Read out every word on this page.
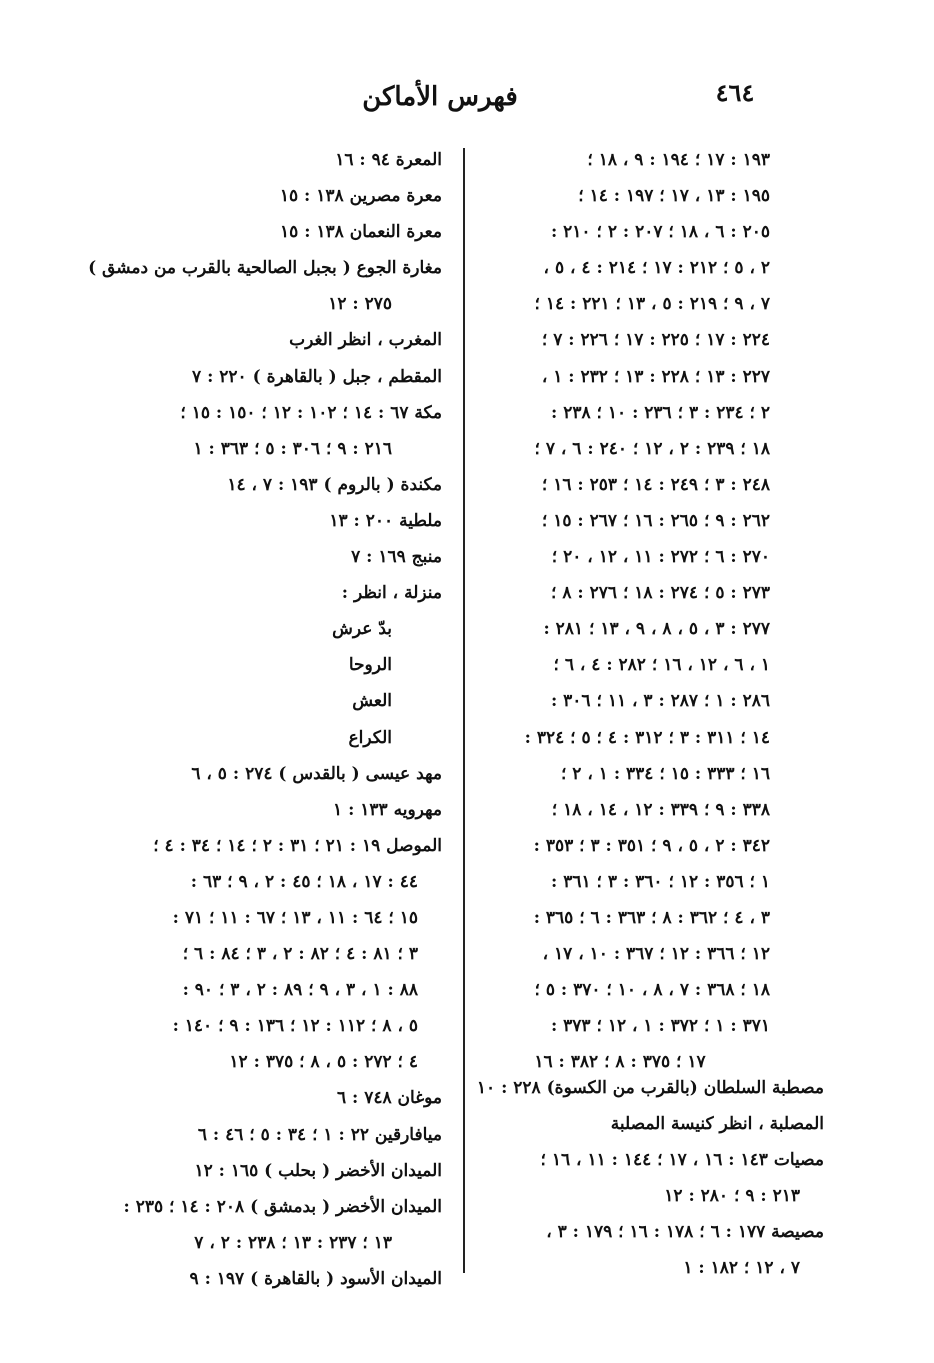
٤٦٤
فهرس الأماكن
١٩٣ : ١٧ ؛ ١٩٤ : ٩ ، ١٨ ؛
١٩٥ : ١٣ ، ١٧ ؛ ١٩٧ : ١٤ ؛
٢٠٥ : ٦ ، ١٨ ؛ ٢٠٧ : ٢ ؛ ٢١٠ :
٢ ، ٥ ؛ ٢١٢ : ١٧ ؛ ٢١٤ : ٤ ، ٥ ،
٧ ، ٩ ؛ ٢١٩ : ٥ ، ١٣ ؛ ٢٢١ : ١٤ ؛
٢٢٤ : ١٧ ؛ ٢٢٥ : ١٧ ؛ ٢٢٦ : ٧ ؛
٢٢٧ : ١٣ ؛ ٢٢٨ : ١٣ ؛ ٢٣٢ : ١ ،
٢ ؛ ٢٣٤ : ٣ ؛ ٢٣٦ : ١٠ ؛ ٢٣٨ :
١٨ ؛ ٢٣٩ : ٢ ، ١٢ ؛ ٢٤٠ : ٦ ، ٧ ؛
٢٤٨ : ٣ ؛ ٢٤٩ : ١٤ ؛ ٢٥٣ : ١٦ ؛
٢٦٢ : ٩ ؛ ٢٦٥ : ١٦ ؛ ٢٦٧ : ١٥ ؛
٢٧٠ : ٦ ؛ ٢٧٢ : ١١ ، ١٢ ، ٢٠ ؛
٢٧٣ : ٥ ؛ ٢٧٤ : ١٨ ؛ ٢٧٦ : ٨ ؛
٢٧٧ : ٣ ، ٥ ، ٨ ، ٩ ، ١٣ ؛ ٢٨١ :
١ ، ٦ ، ١٢ ، ١٦ ؛ ٢٨٢ : ٤ ، ٦ ؛
٢٨٦ : ١ ؛ ٢٨٧ : ٣ ، ١١ ؛ ٣٠٦ :
١٤ ؛ ٣١١ : ٣ ؛ ٣١٢ : ٤ ؛ ٥ ؛ ٣٢٤ :
١٦ ؛ ٣٣٣ : ١٥ ؛ ٣٣٤ : ١ ، ٢ ؛
٣٣٨ : ٩ ؛ ٣٣٩ : ١٢ ، ١٤ ، ١٨ ؛
٣٤٢ : ٢ ، ٥ ، ٩ ؛ ٣٥١ : ٣ ؛ ٣٥٣ :
١ ؛ ٣٥٦ : ١٢ ؛ ٣٦٠ : ٣ ؛ ٣٦١ :
٣ ، ٤ ؛ ٣٦٢ : ٨ ؛ ٣٦٣ : ٦ ؛ ٣٦٥ :
١٢ ؛ ٣٦٦ : ١٢ ؛ ٣٦٧ : ١٠ ، ١٧ ،
١٨ ؛ ٣٦٨ : ٧ ، ٨ ، ١٠ ؛ ٣٧٠ : ٥ ؛
٣٧١ : ١ ؛ ٣٧٢ : ١ ، ١٢ ؛ ٣٧٣ :
١٧ ؛ ٣٧٥ : ٨ ؛ ٣٨٢ : ١٦
مصطبة السلطان (بالقرب من الكسوة) ٢٢٨ : ١٠
المصلبة ، انظر كنيسة المصلبة
مصيات ١٤٣ : ١٦ ، ١٧ ؛ ١٤٤ : ١١ ، ١٦ ؛
٢١٣ : ٩ ؛ ٢٨٠ : ١٢
مصيصة ١٧٧ : ٦ ؛ ١٧٨ : ١٦ ؛ ١٧٩ : ٣ ،
٧ ، ١٢ ؛ ١٨٢ : ١
المعرة ٩٤ : ١٦
معرة مصرين ١٣٨ : ١٥
معرة النعمان ١٣٨ : ١٥
مغارة الجوع ( بجبل الصالحية بالقرب من دمشق )
٢٧٥ : ١٢
المغرب ، انظر الغرب
المقطم ، جبل ( بالقاهرة ) ٢٢٠ : ٧
مكة ٦٧ : ١٤ ؛ ١٠٢ : ١٢ ؛ ١٥٠ : ١٥ ؛
٢١٦ : ٩ ؛ ٣٠٦ : ٥ ؛ ٣٦٣ : ١
مكندة ( بالروم ) ١٩٣ : ٧ ، ١٤
ملطية ٢٠٠ : ١٣
منبج ١٦٩ : ٧
منزلة ، انظر :
بدّ عرش
الروحا
العش
الكراع
مهد عيسى ( بالقدس ) ٢٧٤ : ٥ ، ٦
مهرويه ١٣٣ : ١
الموصل ١٩ : ٢١ ؛ ٣١ : ٢ ؛ ١٤ ؛ ٣٤ : ٤ ؛
٤٤ : ١٧ ، ١٨ ؛ ٤٥ : ٢ ، ٩ ؛ ٦٣ :
١٥ ؛ ٦٤ : ١١ ، ١٣ ؛ ٦٧ : ١١ ؛ ٧١ :
٣ ؛ ٨١ : ٤ ؛ ٨٢ : ٢ ، ٣ ؛ ٨٤ : ٦ ؛
٨٨ : ١ ، ٣ ، ٩ ؛ ٨٩ : ٢ ، ٣ ؛ ٩٠ :
٥ ، ٨ ؛ ١١٢ : ١٢ ؛ ١٣٦ : ٩ ؛ ١٤٠ :
٤ ؛ ٢٧٢ : ٥ ، ٨ ؛ ٣٧٥ : ١٢
موغان ٧٤٨ : ٦
ميافارقين ٢٢ : ١ ؛ ٣٤ : ٥ ؛ ٤٦ : ٦
الميدان الأخضر ( بحلب ) ١٦٥ : ١٢
الميدان الأخضر ( بدمشق ) ٢٠٨ : ١٤ ؛ ٢٣٥ :
١٣ ؛ ٢٣٧ : ١٣ ؛ ٢٣٨ : ٢ ، ٧
الميدان الأسود ( بالقاهرة ) ١٩٧ : ٩
